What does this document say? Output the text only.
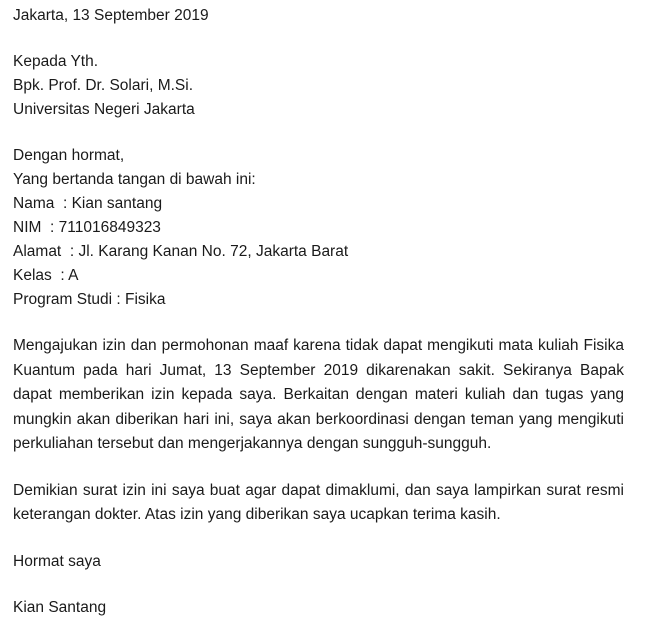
Jakarta, 13 September 2019
Kepada Yth.
Bpk. Prof. Dr. Solari, M.Si.
Universitas Negeri Jakarta
Dengan hormat,
Yang bertanda tangan di bawah ini:
Nama  : Kian santang
NIM  : 711016849323
Alamat  : Jl. Karang Kanan No. 72, Jakarta Barat
Kelas  : A
Program Studi : Fisika
Mengajukan izin dan permohonan maaf karena tidak dapat mengikuti mata kuliah Fisika Kuantum pada hari Jumat, 13 September 2019 dikarenakan sakit. Sekiranya Bapak dapat memberikan izin kepada saya. Berkaitan dengan materi kuliah dan tugas yang mungkin akan diberikan hari ini, saya akan berkoordinasi dengan teman yang mengikuti perkuliahan tersebut dan mengerjakannya dengan sungguh-sungguh.
Demikian surat izin ini saya buat agar dapat dimaklumi, dan saya lampirkan surat resmi keterangan dokter. Atas izin yang diberikan saya ucapkan terima kasih.
Hormat saya
Kian Santang
